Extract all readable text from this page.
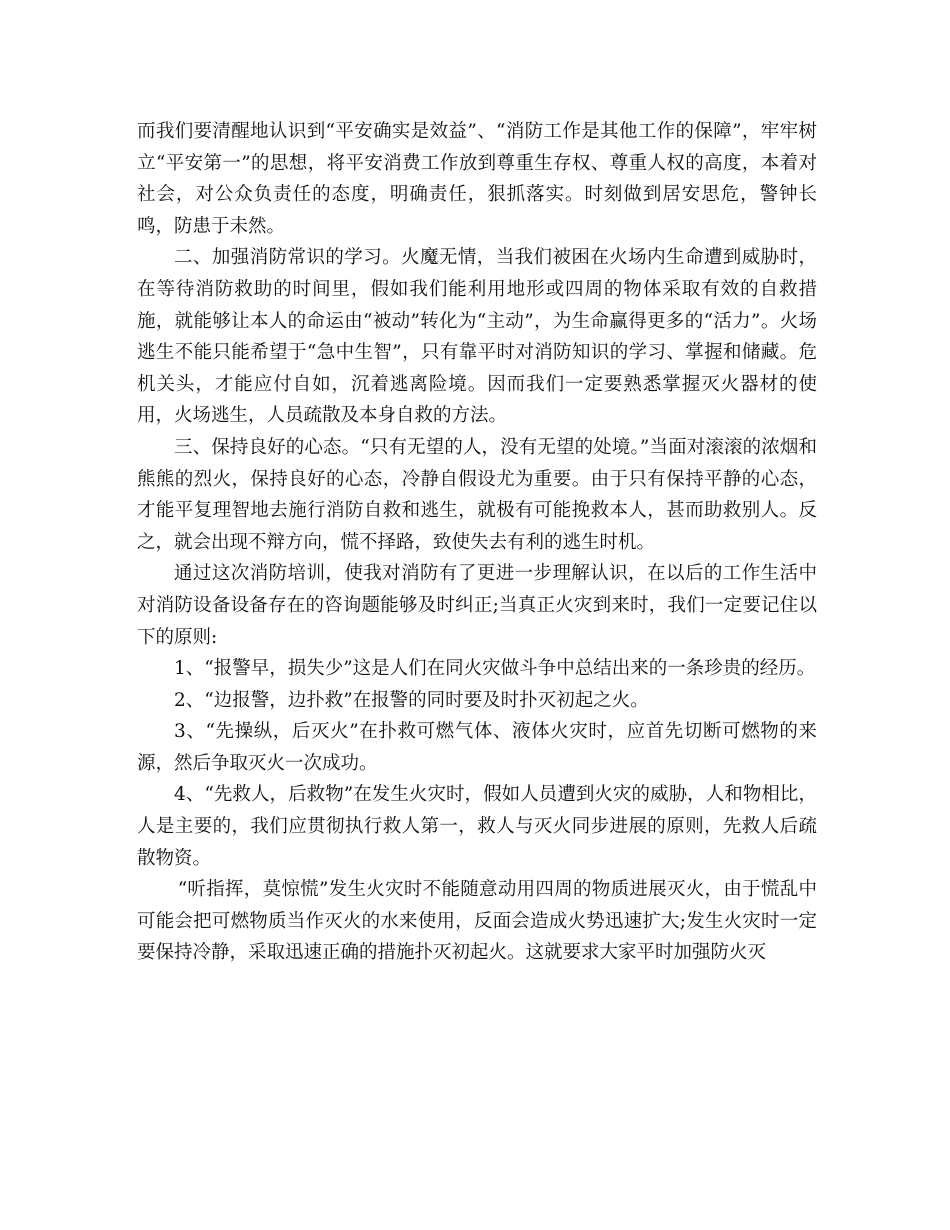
而我们要清醒地认识到“平安确实是效益”、“消防工作是其他工作的保障”，牢牢树立“平安第一”的思想，将平安消费工作放到尊重生存权、尊重人权的高度，本着对社会，对公众负责任的态度，明确责任，狠抓落实。时刻做到居安思危，警钟长鸣，防患于未然。

二、加强消防常识的学习。火魔无情，当我们被困在火场内生命遭到威胁时，在等待消防救助的时间里，假如我们能利用地形或四周的物体采取有效的自救措施，就能够让本人的命运由“被动”转化为“主动”，为生命赢得更多的“活力”。火场逃生不能只能希望于“急中生智”，只有靠平时对消防知识的学习、掌握和储藏。危机关头，才能应付自如，沉着逃离险境。因而我们一定要熟悉掌握灭火器材的使用，火场逃生，人员疏散及本身自救的方法。

三、保持良好的心态。“只有无望的人，没有无望的处境。”当面对滚滚的浓烟和熊熊的烈火，保持良好的心态，冷静自假设尤为重要。由于只有保持平静的心态，才能平复理智地去施行消防自救和逃生，就极有可能挽救本人，甚而助救别人。反之，就会出现不辩方向，慌不择路，致使失去有利的逃生时机。

通过这次消防培训，使我对消防有了更进一步理解认识，在以后的工作生活中对消防设备设备存在的咨询题能够及时纠正;当真正火灾到来时，我们一定要记住以下的原则:

1、“报警早，损失少”这是人们在同火灾做斗争中总结出来的一条珍贵的经历。

2、“边报警，边扑救”在报警的同时要及时扑灭初起之火。

3、“先操纵，后灭火”在扑救可燃气体、液体火灾时，应首先切断可燃物的来源，然后争取灭火一次成功。

4、“先救人，后救物”在发生火灾时，假如人员遭到火灾的威胁，人和物相比，人是主要的，我们应贯彻执行救人第一，救人与灭火同步进展的原则，先救人后疏散物资。

“听指挥，莫惊慌”发生火灾时不能随意动用四周的物质进展灭火，由于慌乱中可能会把可燃物质当作灭火的水来使用，反面会造成火势迅速扩大;发生火灾时一定要保持冷静，采取迅速正确的措施扑灭初起火。这就要求大家平时加强防火灭
